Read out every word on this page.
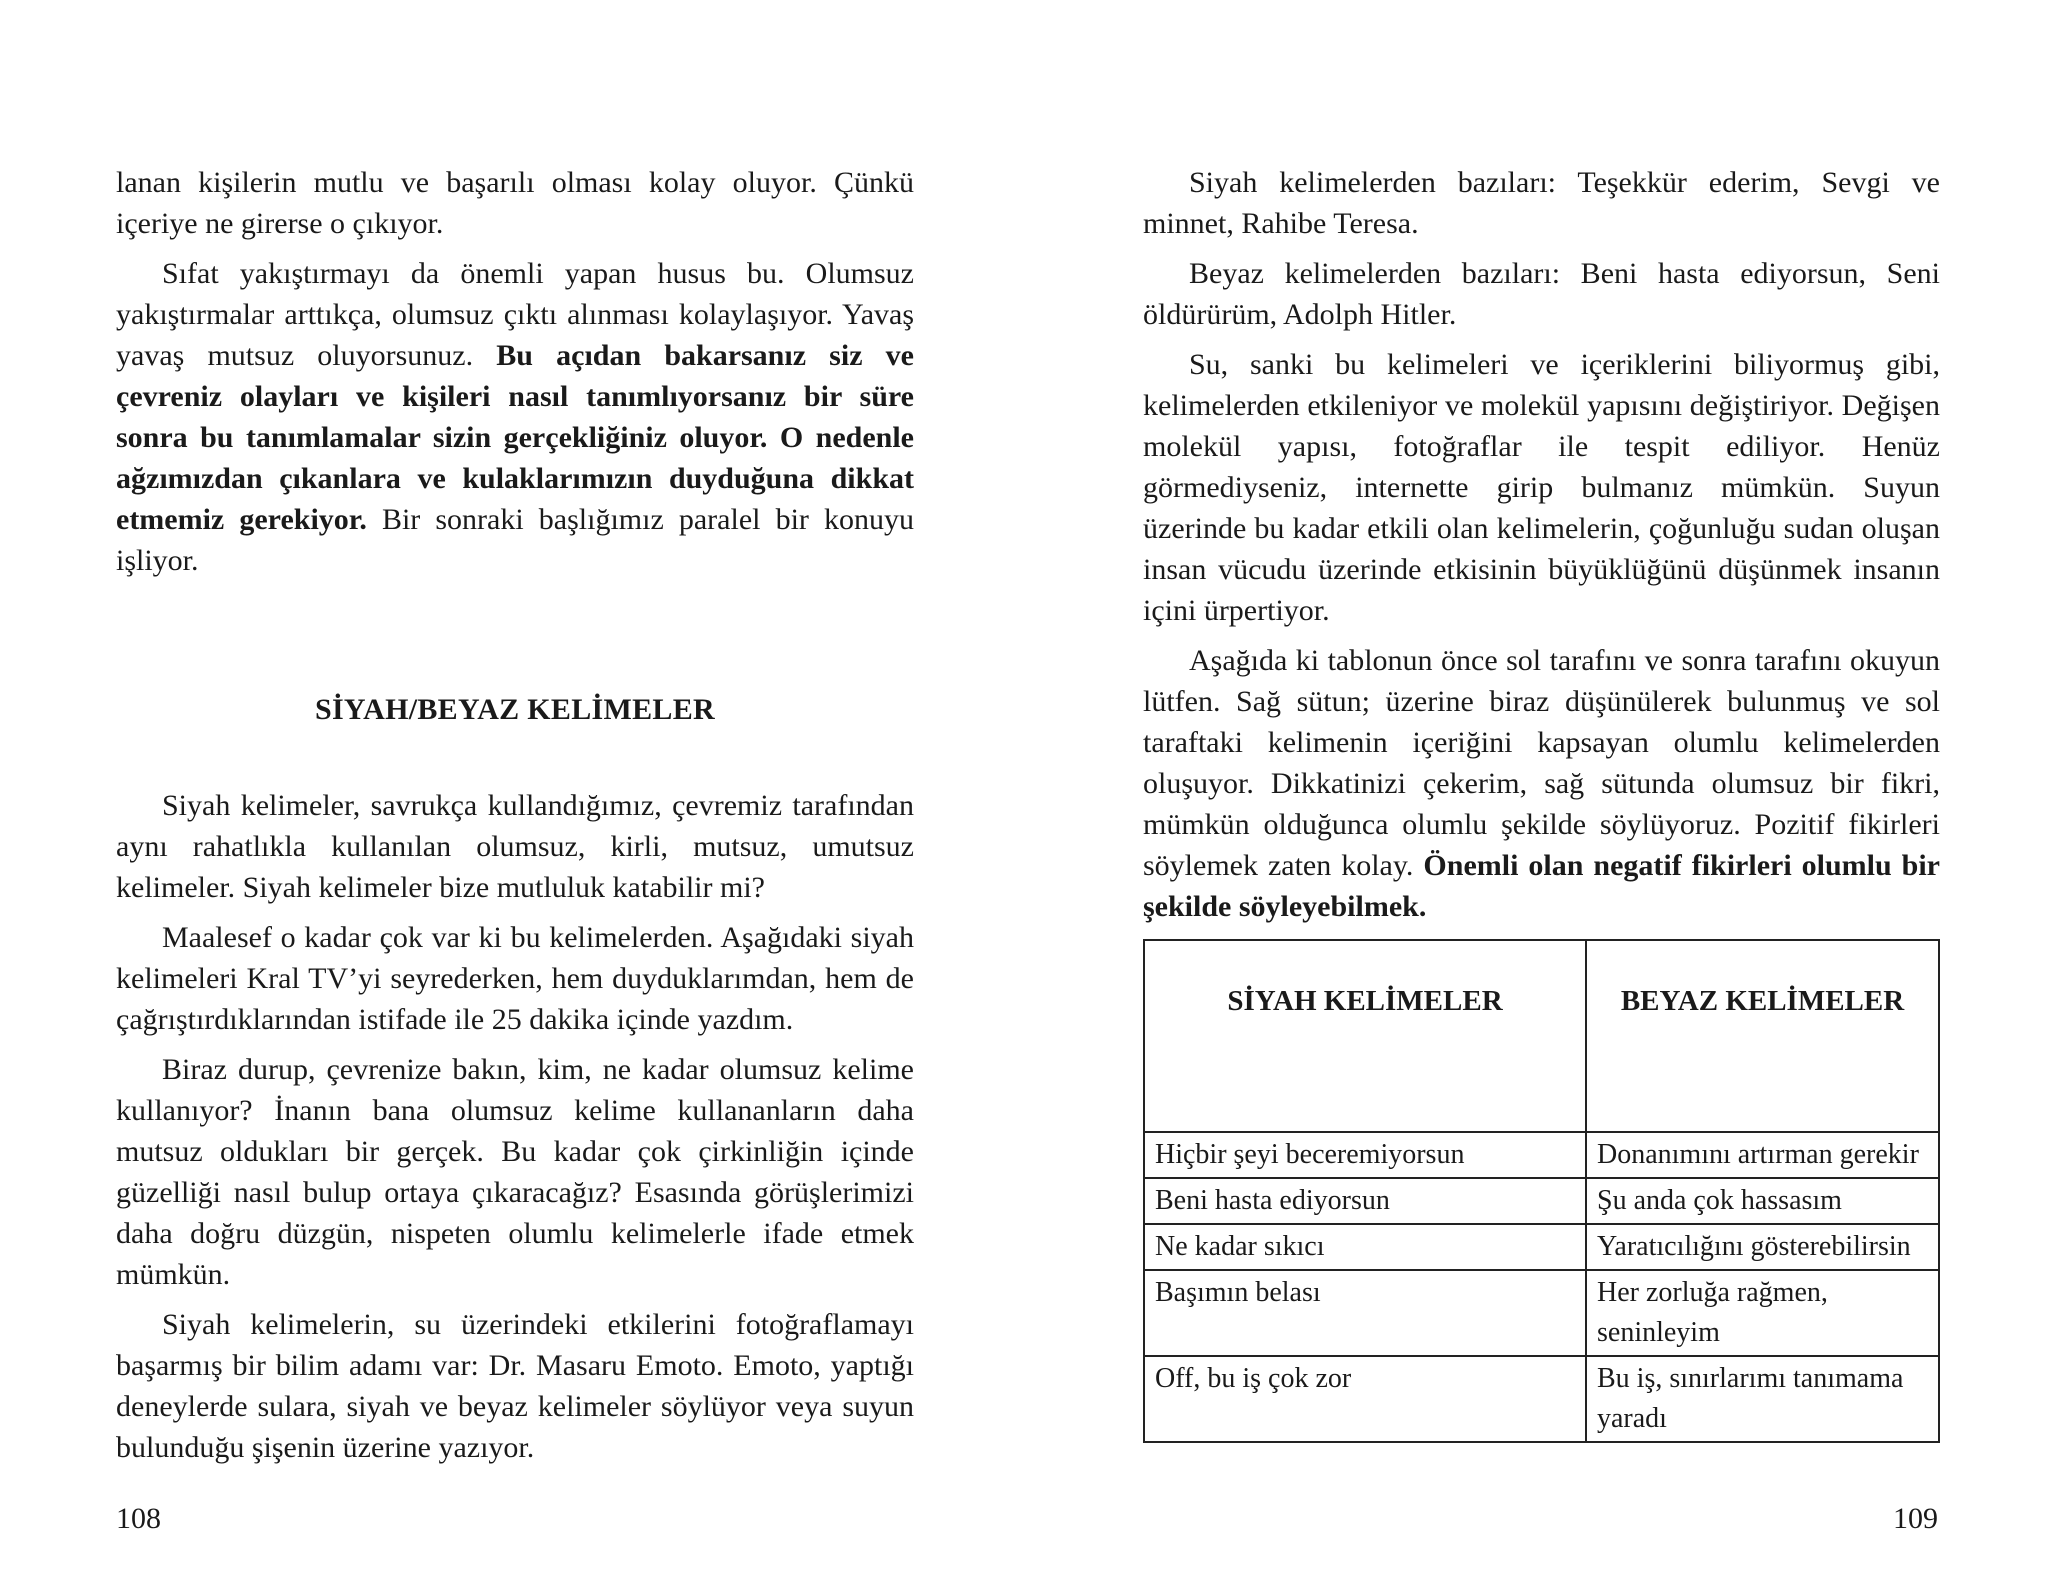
lanan kişilerin mutlu ve başarılı olması kolay oluyor. Çünkü içeriye ne girerse o çıkıyor.

Sıfat yakıştırmayı da önemli yapan husus bu. Olumsuz yakıştırmalar arttıkça, olumsuz çıktı alınması kolaylaşıyor. Yavaş yavaş mutsuz oluyorsunuz. Bu açıdan bakarsanız siz ve çevreniz olayları ve kişileri nasıl tanımlıyorsanız bir süre sonra bu tanımlamalar sizin gerçekliğiniz oluyor. O nedenle ağzımızdan çıkanlara ve kulaklarımızın duyduğuna dikkat etmemiz gerekiyor. Bir sonraki başlığımız paralel bir konuyu işliyor.

SİYAH/BEYAZ KELİMELER

Siyah kelimeler, savrukça kullandığımız, çevremiz tarafından aynı rahatlıkla kullanılan olumsuz, kirli, mutsuz, umutsuz kelimeler. Siyah kelimeler bize mutluluk katabilir mi?

Maalesef o kadar çok var ki bu kelimelerden. Aşağıdaki siyah kelimeleri Kral TV’yi seyrederken, hem duyduklarımdan, hem de çağrıştırdıklarından istifade ile 25 dakika içinde yazdım.

Biraz durup, çevrenize bakın, kim, ne kadar olumsuz kelime kullanıyor? İnanın bana olumsuz kelime kullananların daha mutsuz oldukları bir gerçek. Bu kadar çok çirkinliğin içinde güzelliği nasıl bulup ortaya çıkaracağız? Esasında görüşlerimizi daha doğru düzgün, nispeten olumlu kelimelerle ifade etmek mümkün.

Siyah kelimelerin, su üzerindeki etkilerini fotoğraflamayı başarmış bir bilim adamı var: Dr. Masaru Emoto. Emoto, yaptığı deneylerde sulara, siyah ve beyaz kelimeler söylüyor veya suyun bulunduğu şişenin üzerine yazıyor.

108

Siyah kelimelerden bazıları: Teşekkür ederim, Sevgi ve minnet, Rahibe Teresa.

Beyaz kelimelerden bazıları: Beni hasta ediyorsun, Seni öldürürüm, Adolph Hitler.

Su, sanki bu kelimeleri ve içeriklerini biliyormuş gibi, kelimelerden etkileniyor ve molekül yapısını değiştiriyor. Değişen molekül yapısı, fotoğraflar ile tespit ediliyor. Henüz görmediyseniz, internette girip bulmanız mümkün. Suyun üzerinde bu kadar etkili olan kelimelerin, çoğunluğu sudan oluşan insan vücudu üzerinde etkisinin büyüklüğünü düşünmek insanın içini ürpertiyor.

Aşağıda ki tablonun önce sol tarafını ve sonra tarafını okuyun lütfen. Sağ sütun; üzerine biraz düşünülerek bulunmuş ve sol taraftaki kelimenin içeriğini kapsayan olumlu kelimelerden oluşuyor. Dikkatinizi çekerim, sağ sütunda olumsuz bir fikri, mümkün olduğunca olumlu şekilde söylüyoruz. Pozitif fikirleri söylemek zaten kolay. Önemli olan negatif fikirleri olumlu bir şekilde söyleyebilmek.

SİYAH KELİMELER	BEYAZ KELİMELER
Hiçbir şeyi beceremiyorsun	Donanımını artırman gerekir
Beni hasta ediyorsun	Şu anda çok hassasım
Ne kadar sıkıcı	Yaratıcılığını gösterebilirsin
Başımın belası	Her zorluğa rağmen, seninleyim
Off, bu iş çok zor	Bu iş, sınırlarımı tanımama yaradı
109
